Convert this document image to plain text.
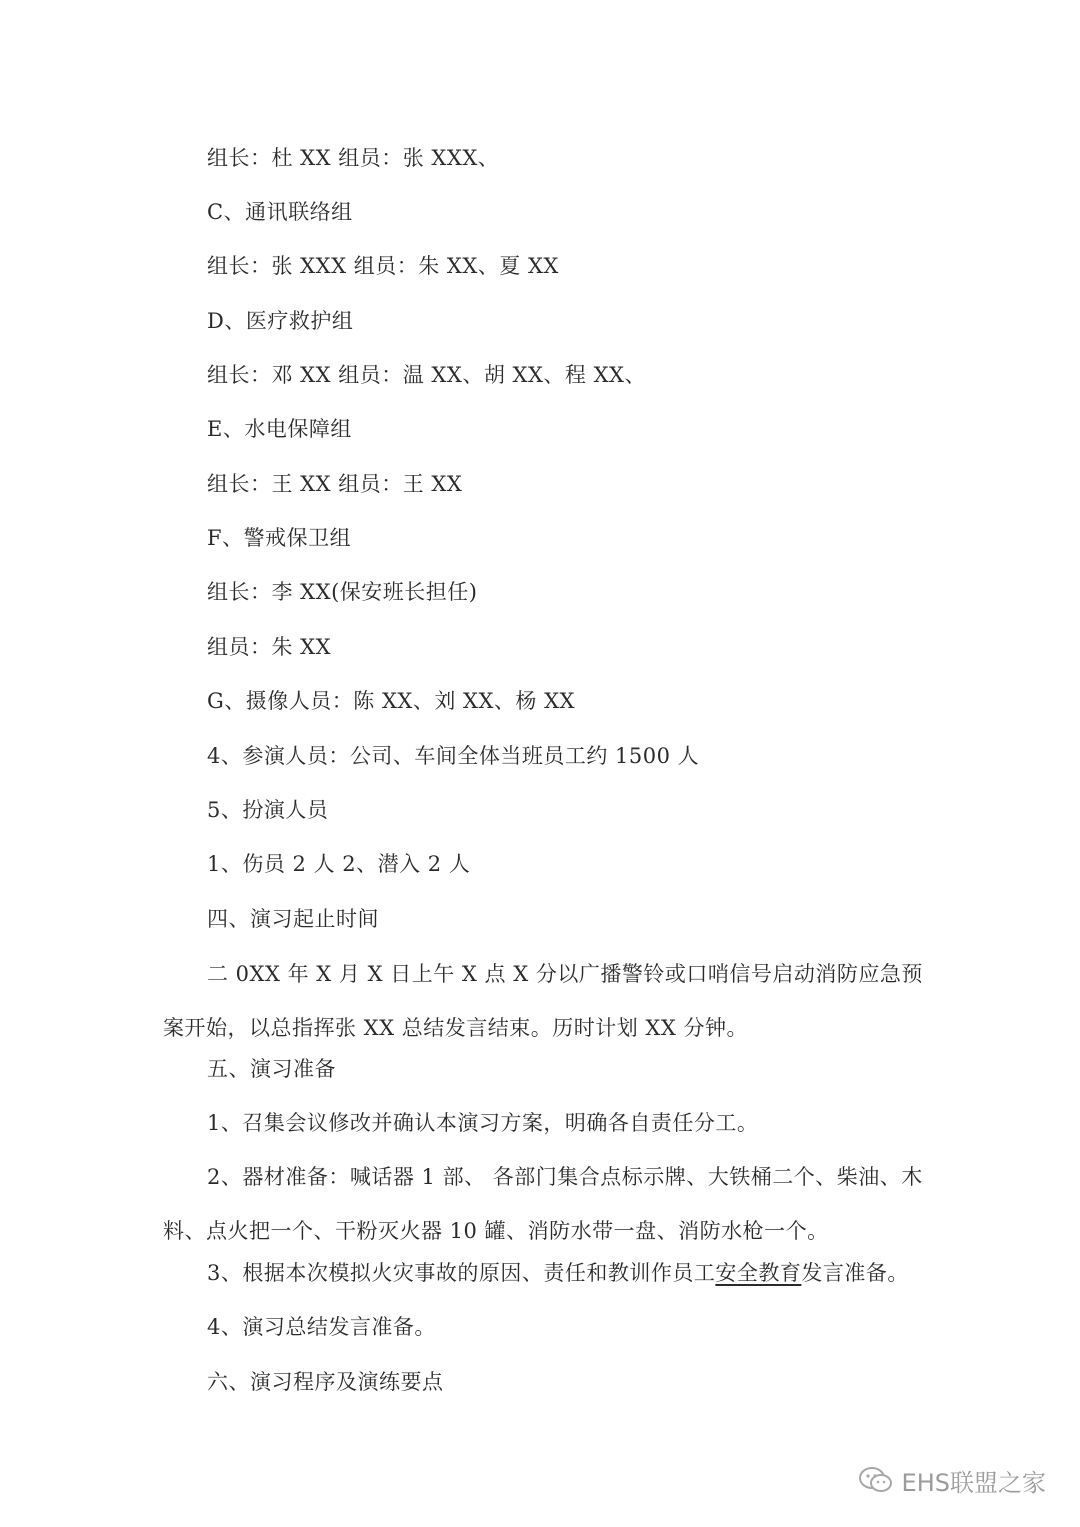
组长：杜 XX 组员：张 XXX、
C、通讯联络组
组长：张 XXX 组员：朱 XX、夏 XX
D、医疗救护组
组长：邓 XX 组员：温 XX、胡 XX、程 XX、
E、水电保障组
组长：王 XX 组员：王 XX
F、警戒保卫组
组长：李 XX(保安班长担任)
组员：朱 XX
G、摄像人员：陈 XX、刘 XX、杨 XX
4、参演人员：公司、车间全体当班员工约 1500 人
5、扮演人员
1、伤员 2 人 2、潜入 2 人
四、演习起止时间
二 0XX 年 X 月 X 日上午 X 点 X 分以广播警铃或口哨信号启动消防应急预案开始，以总指挥张 XX 总结发言结束。历时计划 XX 分钟。
五、演习准备
1、召集会议修改并确认本演习方案，明确各自责任分工。
2、器材准备：喊话器 1 部、 各部门集合点标示牌、大铁桶二个、柴油、木料、点火把一个、干粉灭火器 10 罐、消防水带一盘、消防水枪一个。
3、根据本次模拟火灾事故的原因、责任和教训作员工安全教育发言准备。
4、演习总结发言准备。
六、演习程序及演练要点
EHS联盟之家
